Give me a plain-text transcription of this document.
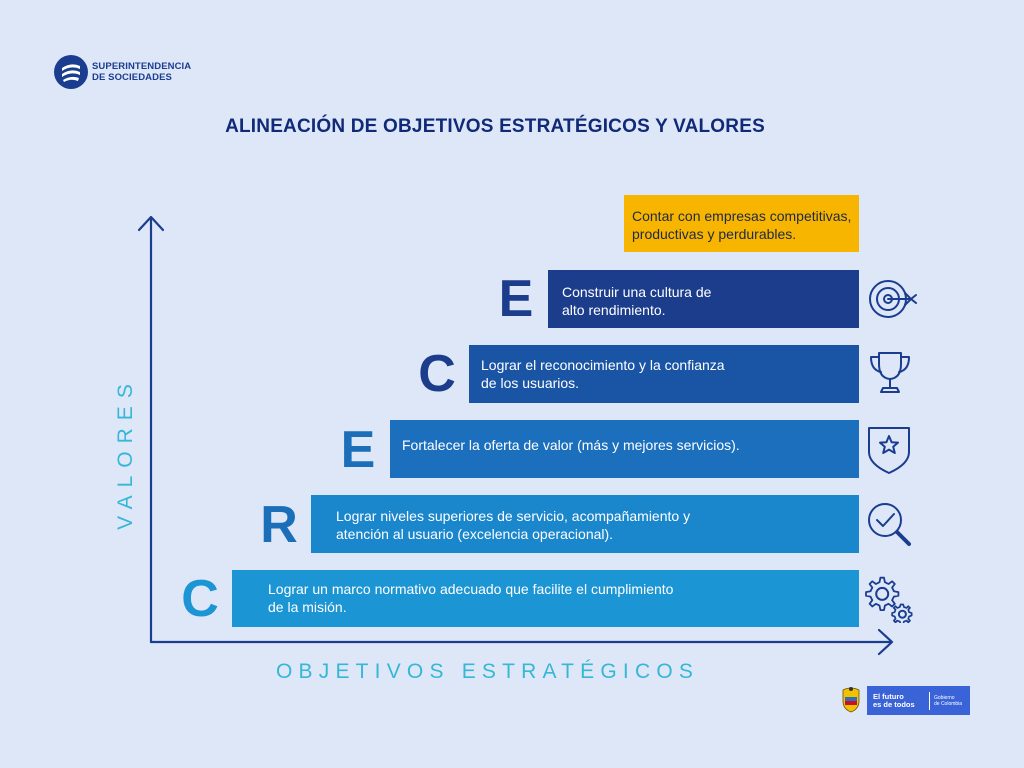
SUPERINTENDENCIA
DE SOCIEDADES
ALINEACIÓN DE OBJETIVOS ESTRATÉGICOS Y VALORES
VALORES
OBJETIVOS ESTRATÉGICOS
Contar con empresas competitivas,
productivas y perdurables.
E	Construir una cultura de
alto rendimiento.
C	Lograr el reconocimiento y la confianza
de los usuarios.
E	Fortalecer la oferta de valor (más y mejores servicios).
R	Lograr niveles superiores de servicio, acompañamiento y
atención al usuario (excelencia operacional).
C	Lograr un marco normativo adecuado que facilite el cumplimiento
de la misión.
El futuro
es de todos
Gobierno
de Colombia
